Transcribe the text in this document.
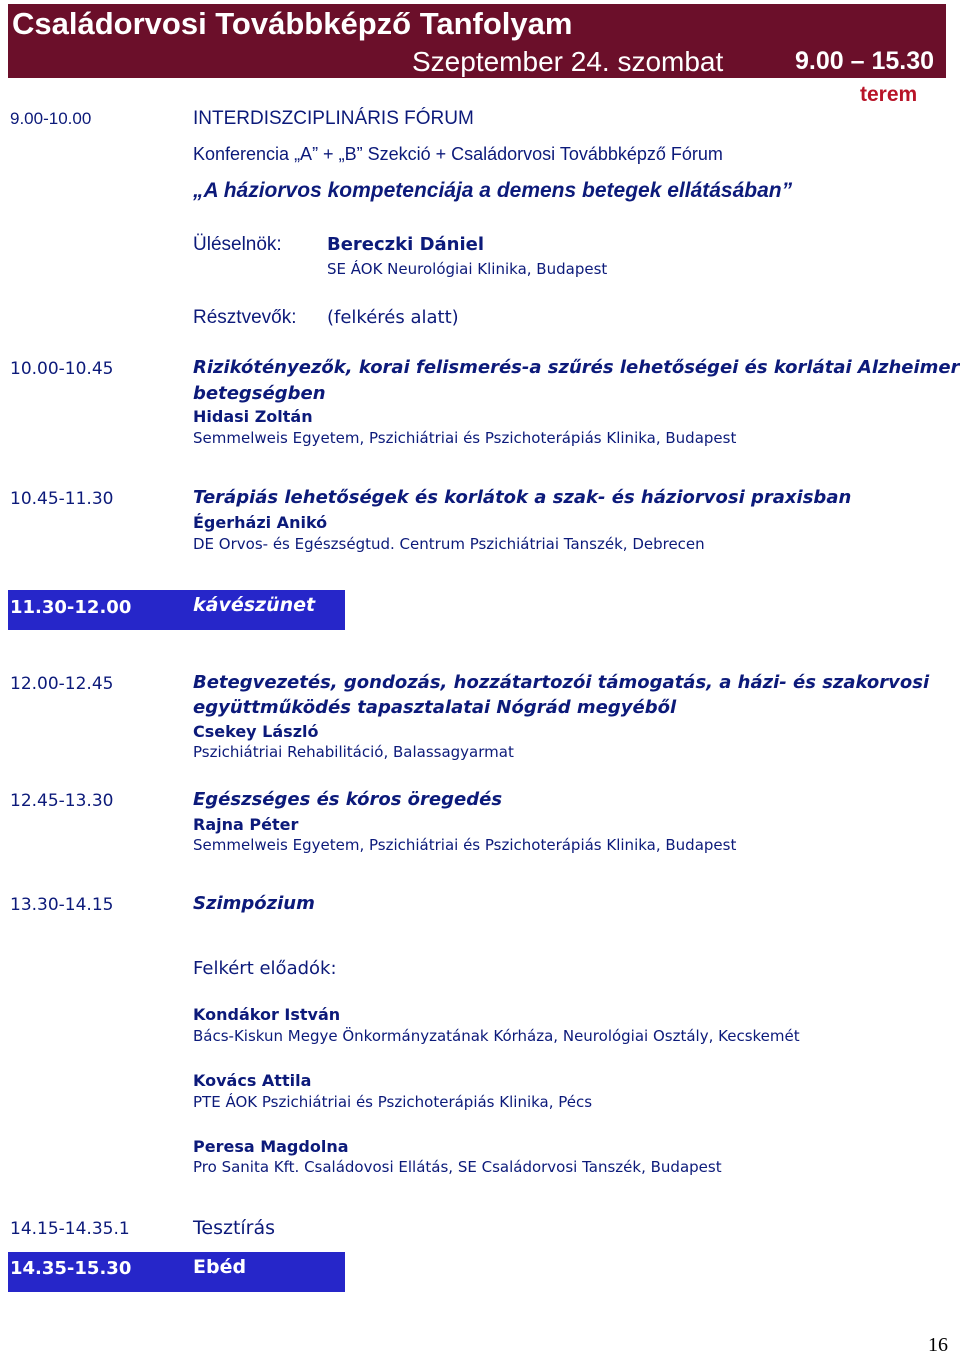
Családorvosi Továbbképző Tanfolyam
Szeptember 24. szombat	9.00 – 15.30
terem
9.00-10.00	INTERDISZCIPLINÁRIS FÓRUM
Konferencia „A” + „B” Szekció + Családorvosi Továbbképző Fórum
„A háziorvos kompetenciája a demens betegek ellátásában”
Üléselnök:	Bereczki Dániel
SE ÁOK Neurológiai Klinika, Budapest
Résztvevők: (felkérés alatt)
10.00-10.45	Rizikótényezők, korai felismerés-a szűrés lehetőségei és korlátai Alzheimer
betegségben
Hidasi Zoltán
Semmelweis Egyetem, Pszichiátriai és Pszichoterápiás Klinika, Budapest
10.45-11.30	Terápiás lehetőségek és korlátok a szak- és háziorvosi praxisban
Égerházi Anikó
DE Orvos- és Egészségtud. Centrum Pszichiátriai Tanszék, Debrecen
11.30-12.00	kávészünet
12.00-12.45	Betegvezetés, gondozás, hozzátartozói támogatás, a házi- és szakorvosi
együttműködés tapasztalatai Nógrád megyéből
Csekey László
Pszichiátriai Rehabilitáció, Balassagyarmat
12.45-13.30	Egészséges és kóros öregedés
Rajna Péter
Semmelweis Egyetem, Pszichiátriai és Pszichoterápiás Klinika, Budapest
13.30-14.15	Szimpózium
Felkért előadók:
Kondákor István
Bács-Kiskun Megye Önkormányzatának Kórháza, Neurológiai Osztály, Kecskemét
Kovács Attila
PTE ÁOK Pszichiátriai és Pszichoterápiás Klinika, Pécs
Peresa Magdolna
Pro Sanita Kft. Családovosi Ellátás, SE Családorvosi Tanszék, Budapest
14.15-14.35.1	Tesztírás
14.35-15.30	Ebéd
16
